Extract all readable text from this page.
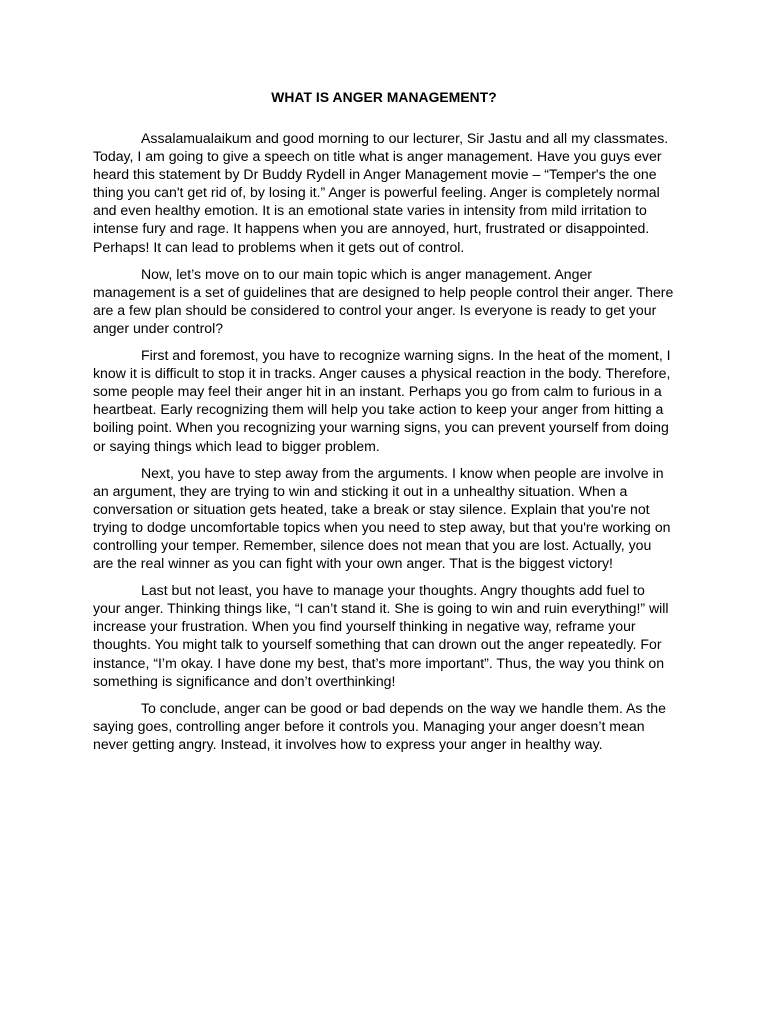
WHAT IS ANGER MANAGEMENT?

Assalamualaikum and good morning to our lecturer, Sir Jastu and all my classmates. Today, I am going to give a speech on title what is anger management. Have you guys ever heard this statement by Dr Buddy Rydell in Anger Management movie – “Temper's the one thing you can't get rid of, by losing it.” Anger is powerful feeling. Anger is completely normal and even healthy emotion. It is an emotional state varies in intensity from mild irritation to intense fury and rage. It happens when you are annoyed, hurt, frustrated or disappointed. Perhaps! It can lead to problems when it gets out of control.

Now, let’s move on to our main topic which is anger management. Anger management is a set of guidelines that are designed to help people control their anger. There are a few plan should be considered to control your anger. Is everyone is ready to get your anger under control?

First and foremost, you have to recognize warning signs. In the heat of the moment, I know it is difficult to stop it in tracks. Anger causes a physical reaction in the body. Therefore, some people may feel their anger hit in an instant. Perhaps you go from calm to furious in a heartbeat. Early recognizing them will help you take action to keep your anger from hitting a boiling point. When you recognizing your warning signs, you can prevent yourself from doing or saying things which lead to bigger problem.

Next, you have to step away from the arguments. I know when people are involve in an argument, they are trying to win and sticking it out in a unhealthy situation. When a conversation or situation gets heated, take a break or stay silence. Explain that you're not trying to dodge uncomfortable topics when you need to step away, but that you're working on controlling your temper. Remember, silence does not mean that you are lost. Actually, you are the real winner as you can fight with your own anger. That is the biggest victory!

Last but not least, you have to manage your thoughts. Angry thoughts add fuel to your anger. Thinking things like, “I can’t stand it. She is going to win and ruin everything!” will increase your frustration. When you find yourself thinking in negative way, reframe your thoughts. You might talk to yourself something that can drown out the anger repeatedly. For instance, “I’m okay. I have done my best, that’s more important”. Thus, the way you think on something is significance and don’t overthinking!

To conclude, anger can be good or bad depends on the way we handle them. As the saying goes, controlling anger before it controls you. Managing your anger doesn’t mean never getting angry. Instead, it involves how to express your anger in healthy way.
